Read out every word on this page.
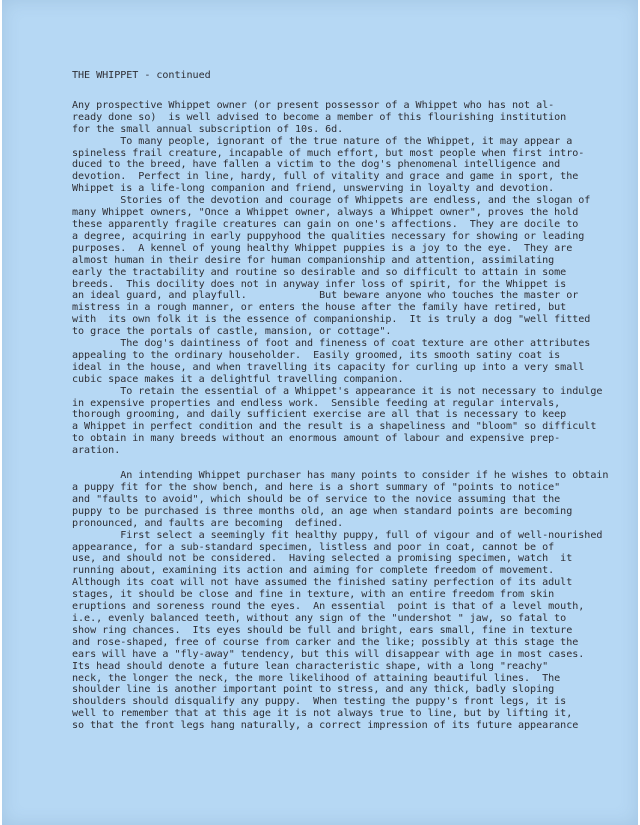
THE WHIPPET - continued
Any prospective Whippet owner (or present possessor of a Whippet who has not al-
ready done so)  is well advised to become a member of this flourishing institution
for the small annual subscription of 10s. 6d.
To many people, ignorant of the true nature of the Whippet, it may appear a
spineless frail creature, incapable of much effort, but most people when first intro-
duced to the breed, have fallen a victim to the dog's phenomenal intelligence and
devotion.  Perfect in line, hardy, full of vitality and grace and game in sport, the
Whippet is a life-long companion and friend, unswerving in loyalty and devotion.
Stories of the devotion and courage of Whippets are endless, and the slogan of
many Whippet owners, "Once a Whippet owner, always a Whippet owner", proves the hold
these apparently fragile creatures can gain on one's affections.  They are docile to
a degree, acquiring in early puppyhood the qualities necessary for showing or leading
purposes.  A kennel of young healthy Whippet puppies is a joy to the eye.  They are
almost human in their desire for human companionship and attention, assimilating
early the tractability and routine so desirable and so difficult to attain in some
breeds.  This docility does not in anyway infer loss of spirit, for the Whippet is
an ideal guard, and playfull.            But beware anyone who touches the master or
mistress in a rough manner, or enters the house after the family have retired, but
with  its own folk it is the essence of companionship.  It is truly a dog "well fitted
to grace the portals of castle, mansion, or cottage".
The dog's daintiness of foot and fineness of coat texture are other attributes
appealing to the ordinary householder.  Easily groomed, its smooth satiny coat is
ideal in the house, and when travelling its capacity for curling up into a very small
cubic space makes it a delightful travelling companion.
To retain the essential of a Whippet's appearance it is not necessary to indulge
in expensive properties and endless work.  Sensible feeding at regular intervals,
thorough grooming, and daily sufficient exercise are all that is necessary to keep
a Whippet in perfect condition and the result is a shapeliness and "bloom" so difficult
to obtain in many breeds without an enormous amount of labour and expensive prep-
aration.
An intending Whippet purchaser has many points to consider if he wishes to obtain
a puppy fit for the show bench, and here is a short summary of "points to notice"
and "faults to avoid", which should be of service to the novice assuming that the
puppy to be purchased is three months old, an age when standard points are becoming
pronounced, and faults are becoming  defined.
First select a seemingly fit healthy puppy, full of vigour and of well-nourished
appearance, for a sub-standard specimen, listless and poor in coat, cannot be of
use, and should not be considered.  Having selected a promising specimen, watch  it
running about, examining its action and aiming for complete freedom of movement.
Although its coat will not have assumed the finished satiny perfection of its adult
stages, it should be close and fine in texture, with an entire freedom from skin
eruptions and soreness round the eyes.  An essential  point is that of a level mouth,
i.e., evenly balanced teeth, without any sign of the "undershot " jaw, so fatal to
show ring chances.  Its eyes should be full and bright, ears small, fine in texture
and rose-shaped, free of course from carker and the like; possibly at this stage the
ears will have a "fly-away" tendency, but this will disappear with age in most cases.
Its head should denote a future lean characteristic shape, with a long "reachy"
neck, the longer the neck, the more likelihood of attaining beautiful lines.  The
shoulder line is another important point to stress, and any thick, badly sloping
shoulders should disqualify any puppy.  When testing the puppy's front legs, it is
well to remember that at this age it is not always true to line, but by lifting it,
so that the front legs hang naturally, a correct impression of its future appearance
